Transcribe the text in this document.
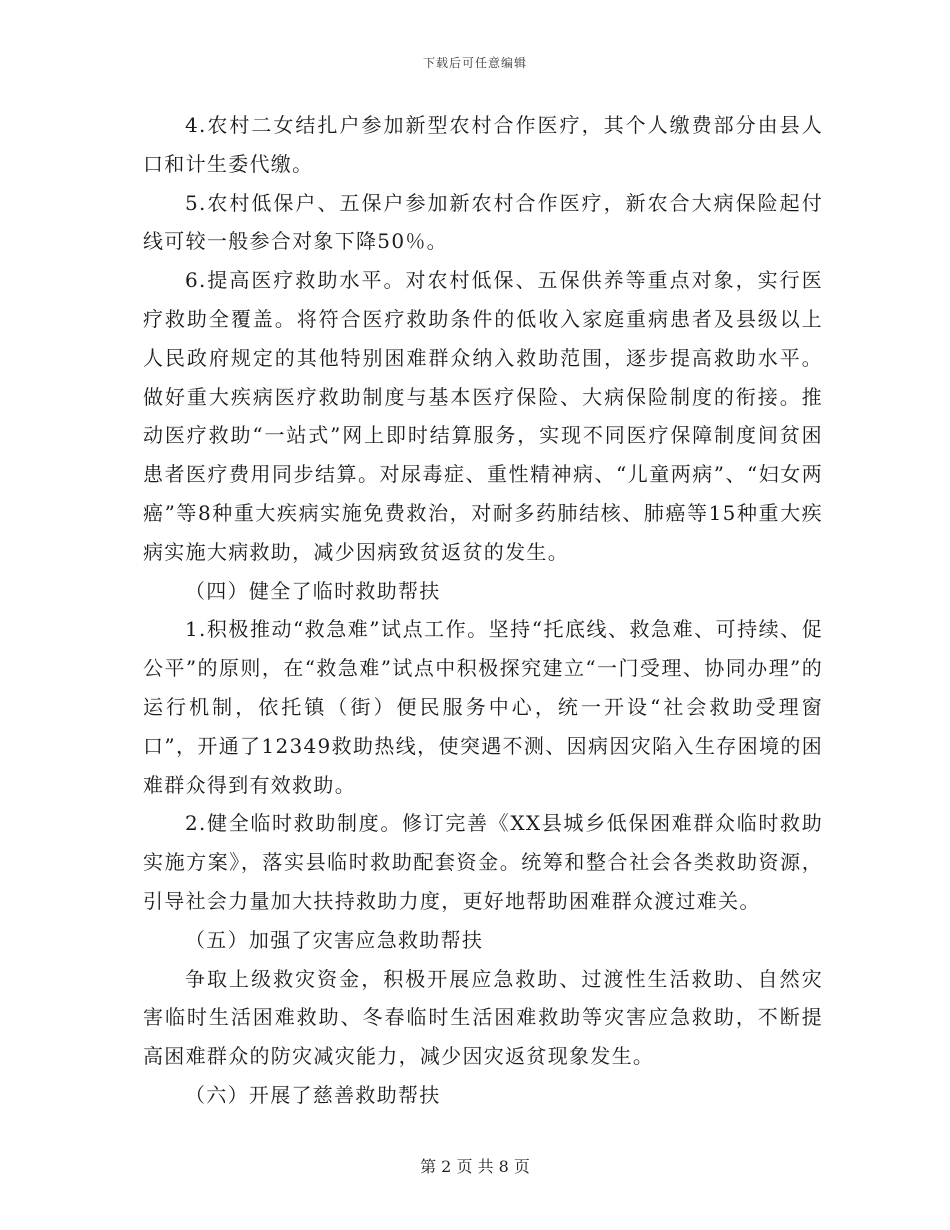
下载后可任意编辑

4.农村二女结扎户参加新型农村合作医疗，其个人缴费部分由县人口和计生委代缴。

5.农村低保户、五保户参加新农村合作医疗，新农合大病保险起付线可较一般参合对象下降50％。

6.提高医疗救助水平。对农村低保、五保供养等重点对象，实行医疗救助全覆盖。将符合医疗救助条件的低收入家庭重病患者及县级以上人民政府规定的其他特别困难群众纳入救助范围，逐步提高救助水平。做好重大疾病医疗救助制度与基本医疗保险、大病保险制度的衔接。推动医疗救助“一站式”网上即时结算服务，实现不同医疗保障制度间贫困患者医疗费用同步结算。对尿毒症、重性精神病、“儿童两病”、“妇女两癌”等8种重大疾病实施免费救治，对耐多药肺结核、肺癌等15种重大疾病实施大病救助，减少因病致贫返贫的发生。

（四）健全了临时救助帮扶

1.积极推动“救急难”试点工作。坚持“托底线、救急难、可持续、促公平”的原则，在“救急难”试点中积极探究建立“一门受理、协同办理”的运行机制，依托镇（街）便民服务中心，统一开设“社会救助受理窗口”，开通了12349救助热线，使突遇不测、因病因灾陷入生存困境的困难群众得到有效救助。

2.健全临时救助制度。修订完善《XX县城乡低保困难群众临时救助实施方案》，落实县临时救助配套资金。统筹和整合社会各类救助资源，引导社会力量加大扶持救助力度，更好地帮助困难群众渡过难关。

（五）加强了灾害应急救助帮扶

争取上级救灾资金，积极开展应急救助、过渡性生活救助、自然灾害临时生活困难救助、冬春临时生活困难救助等灾害应急救助，不断提高困难群众的防灾减灾能力，减少因灾返贫现象发生。

（六）开展了慈善救助帮扶

第 2 页 共 8 页
